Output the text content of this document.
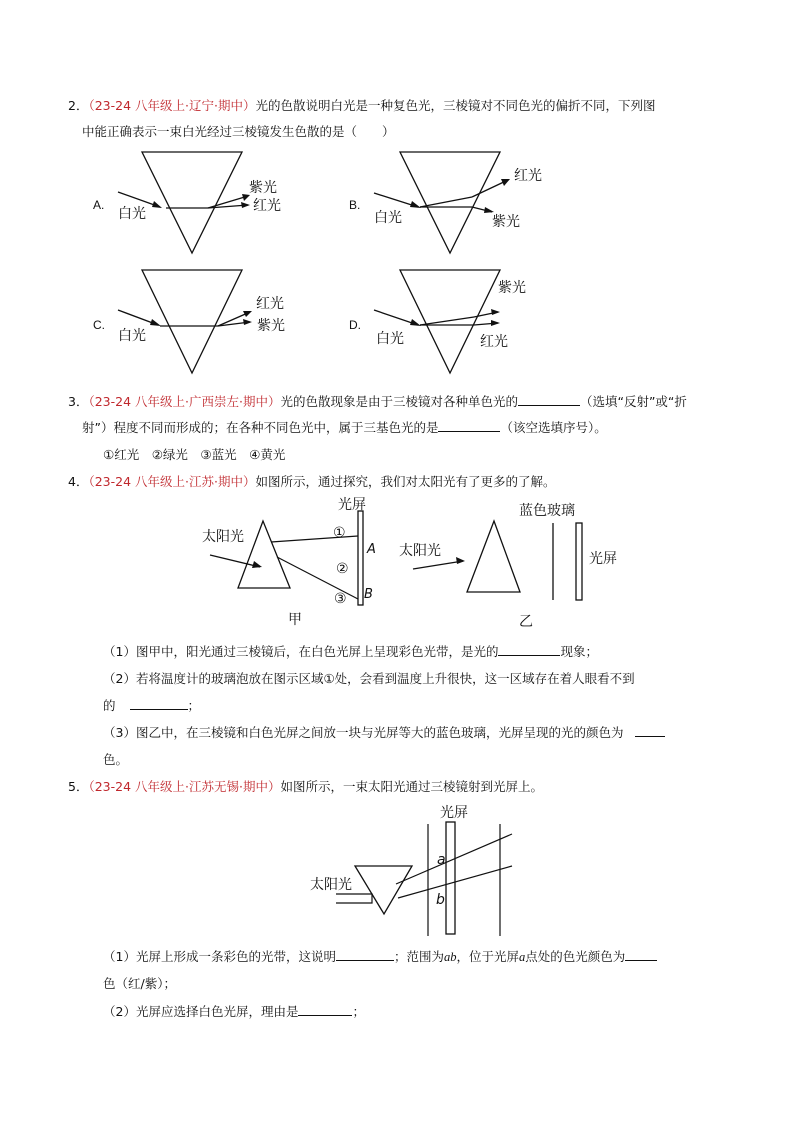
2．（23-24 八年级上·辽宁·期中）光的色散说明白光是一种复色光，三棱镜对不同色光的偏折不同，下列图
中能正确表示一束白光经过三棱镜发生色散的是（　　）
A.
白光
紫光
红光	B.
白光
红光
紫光
C.
白光
红光
紫光	D.
白光
紫光
红光
3．（23-24 八年级上·广西崇左·期中）光的色散现象是由于三棱镜对各种单色光的	（选填“反射”或“折
射”）程度不同而形成的；在各种不同色光中，属于三基色光的是	（该空选填序号）。
①红光　②绿光　③蓝光　④黄光
4．（23-24 八年级上·江苏·期中）如图所示，通过探究，我们对太阳光有了更多的了解。
光屏
太阳光	①
②
③
A
B
甲
蓝色玻璃
太阳光	光屏
乙
（1）图甲中，阳光通过三棱镜后，在白色光屏上呈现彩色光带，是光的	现象；
（2）若将温度计的玻璃泡放在图示区域①处，会看到温度上升很快，这一区域存在着人眼看不到
的	；
（3）图乙中，在三棱镜和白色光屏之间放一块与光屏等大的蓝色玻璃，光屏呈现的光的颜色为
色。
5．（23-24 八年级上·江苏无锡·期中）如图所示，一束太阳光通过三棱镜射到光屏上。
光屏
太阳光
a
b
（1）光屏上形成一条彩色的光带，这说明	；范围为ab，位于光屏a点处的色光颜色为
色（红/紫）；
（2）光屏应选择白色光屏，理由是	；
